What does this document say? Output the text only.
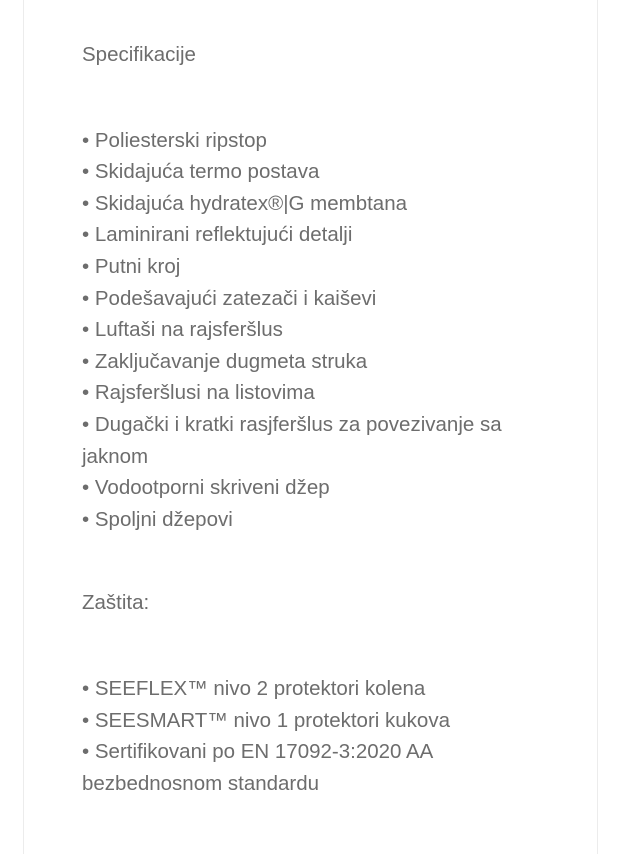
Specifikacije

• Poliesterski ripstop
• Skidajuća termo postava
• Skidajuća hydratex®|G membtana
• Laminirani reflektujući detalji
• Putni kroj
• Podešavajući zatezači i kaiševi
• Luftaši na rajsferšlus
• Zaključavanje dugmeta struka
• Rajsferšlusi na listovima
• Dugački i kratki rasjferšlus za povezivanje sa jaknom
• Vodootporni skriveni džep
• Spoljni džepovi

Zaštita:

• SEEFLEX™ nivo 2 protektori kolena
• SEESMART™ nivo 1 protektori kukova
• Sertifikovani po EN 17092-3:2020 AA bezbednosnom standardu
